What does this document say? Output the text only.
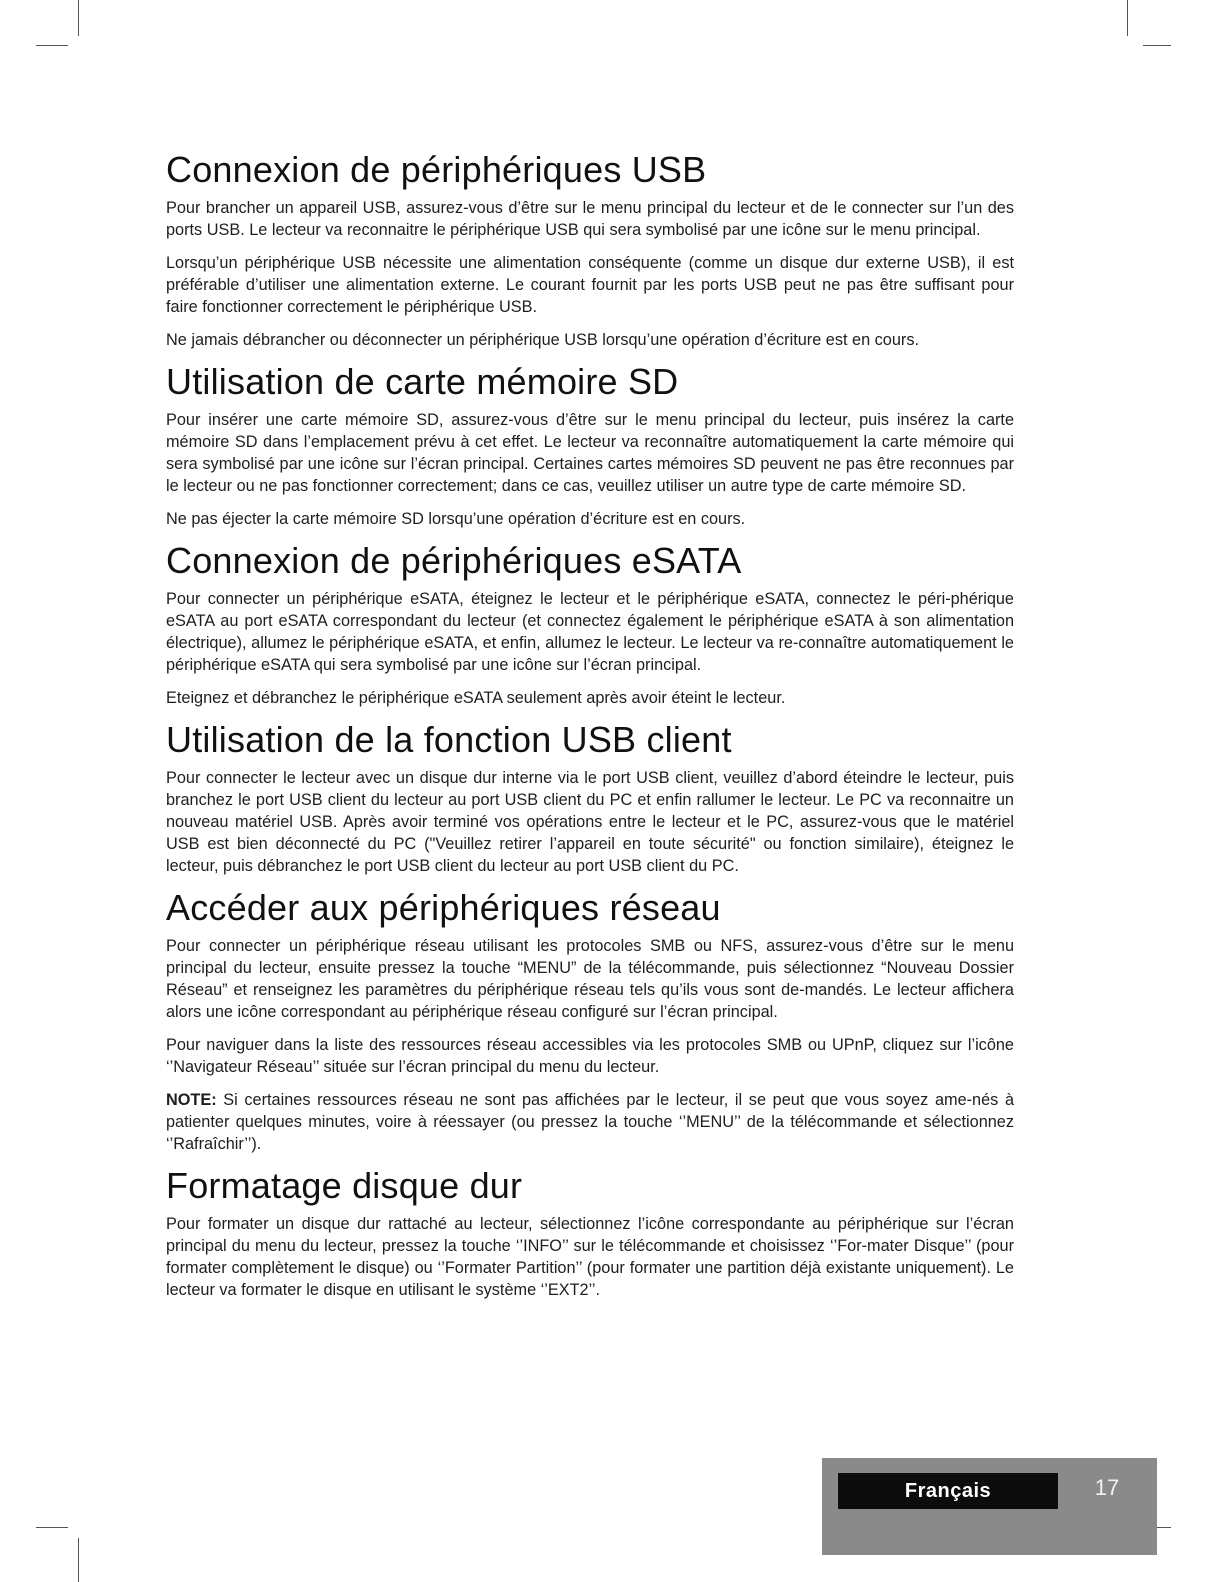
Connexion de périphériques USB

Pour brancher un appareil USB, assurez-vous d’être sur le menu principal du lecteur et de le connecter sur l’un des ports USB. Le lecteur va reconnaitre le périphérique USB qui sera symbolisé par une icône sur le menu principal.

Lorsqu’un périphérique USB nécessite une alimentation conséquente (comme un disque dur externe USB), il est préférable d’utiliser une alimentation externe. Le courant fournit par les ports USB peut ne pas être suffisant pour faire fonctionner correctement le périphérique USB.

Ne jamais débrancher ou déconnecter un périphérique USB lorsqu’une opération d’écriture est en cours.

Utilisation de carte mémoire SD

Pour insérer une carte mémoire SD, assurez-vous d’être sur le menu principal du lecteur, puis insérez la carte mémoire SD dans l’emplacement prévu à cet effet. Le lecteur va reconnaître automatiquement la carte mémoire qui sera symbolisé par une icône sur l’écran principal. Certaines cartes mémoires SD peuvent ne pas être reconnues par le lecteur ou ne pas fonctionner correctement; dans ce cas, veuillez utiliser un autre type de carte mémoire SD.

Ne pas éjecter la carte mémoire SD lorsqu’une opération d’écriture est en cours.

Connexion de périphériques eSATA

Pour connecter un périphérique eSATA, éteignez le lecteur et le périphérique eSATA, connectez le péri-phérique eSATA au port eSATA correspondant du lecteur (et connectez également le périphérique eSATA à son alimentation électrique), allumez le périphérique eSATA, et enfin, allumez le lecteur. Le lecteur va re-connaître automatiquement le périphérique eSATA qui sera symbolisé par une icône sur l’écran principal.

Eteignez et débranchez le périphérique eSATA seulement après avoir éteint le lecteur.

Utilisation de la fonction USB client

Pour connecter le lecteur avec un disque dur interne via le port USB client, veuillez d’abord éteindre le lecteur, puis branchez le port USB client du lecteur au port USB client du PC et enfin rallumer le lecteur. Le PC va reconnaitre un nouveau matériel USB. Après avoir terminé vos opérations entre le lecteur et le PC, assurez-vous que le matériel USB est bien déconnecté du PC ("Veuillez retirer l’appareil en toute sécurité" ou fonction similaire), éteignez le lecteur, puis débranchez le port USB client du lecteur au port USB client du PC.

Accéder aux périphériques réseau

Pour connecter un périphérique réseau utilisant les protocoles SMB ou NFS, assurez-vous d’être sur le menu principal du lecteur, ensuite pressez la touche “MENU” de la télécommande, puis sélectionnez “Nouveau Dossier Réseau” et renseignez les paramètres du périphérique réseau tels qu’ils vous sont de-mandés. Le lecteur affichera alors une icône correspondant au périphérique réseau configuré sur l’écran principal.

Pour naviguer dans la liste des ressources réseau accessibles via les protocoles SMB ou UPnP, cliquez sur l’icône ‘’Navigateur Réseau’’ située sur l’écran principal du menu du lecteur.

NOTE: Si certaines ressources réseau ne sont pas affichées par le lecteur, il se peut que vous soyez ame-nés à patienter quelques minutes, voire à réessayer (ou pressez la touche ‘’MENU’’ de la télécommande et sélectionnez ‘’Rafraîchir’’).

Formatage disque dur

Pour formater un disque dur rattaché au lecteur, sélectionnez l’icône correspondante au périphérique sur l’écran principal du menu du lecteur, pressez la touche ‘’INFO’’ sur le télécommande et choisissez ‘’For-mater Disque’’ (pour formater complètement le disque) ou ‘’Formater Partition’’ (pour formater une partition déjà existante uniquement). Le lecteur va formater le disque en utilisant le système ‘’EXT2’’.

Français	17
